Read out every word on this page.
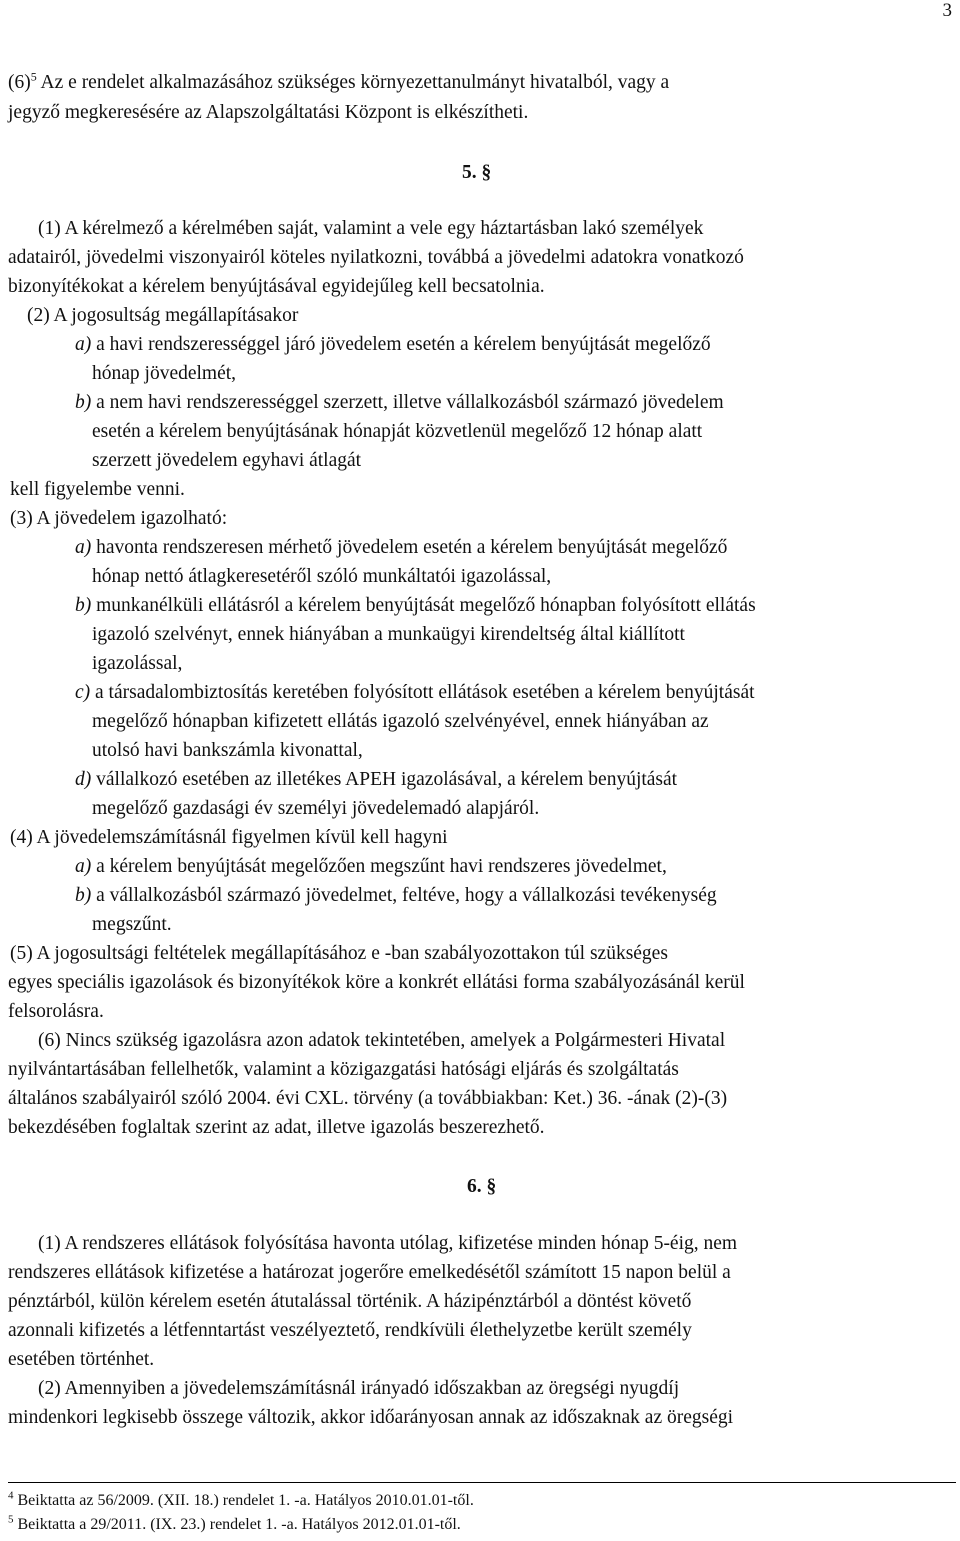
3
$(6)^5$ Az e rendelet alkalmazásához szükséges környezettanulmányt hivatalból, vagy a
jegyző megkeresésére az Alapszolgáltatási Központ is elkészítheti.
5. §
(1) A kérelmező a kérelmében saját, valamint a vele egy háztartásban lakó személyek
adatairól, jövedelmi viszonyairól köteles nyilatkozni, továbbá a jövedelmi adatokra vonatkozó
bizonyítékokat a kérelem benyújtásával egyidejűleg kell becsatolnia.
(2) A jogosultság megállapításakor
a) a havi rendszerességgel járó jövedelem esetén a kérelem benyújtását megelőző
hónap jövedelmét,
b) a nem havi rendszerességgel szerzett, illetve vállalkozásból származó jövedelem
esetén a kérelem benyújtásának hónapját közvetlenül megelőző 12 hónap alatt
szerzett jövedelem egyhavi átlagát
kell figyelembe venni.
(3) A jövedelem igazolható:
a) havonta rendszeresen mérhető jövedelem esetén a kérelem benyújtását megelőző
hónap nettó átlagkeresetéről szóló munkáltatói igazolással,
b) munkanélküli ellátásról a kérelem benyújtását megelőző hónapban folyósított ellátás
igazoló szelvényt, ennek hiányában a munkaügyi kirendeltség által kiállított
igazolással,
c) a társadalombiztosítás keretében folyósított ellátások esetében a kérelem benyújtását
megelőző hónapban kifizetett ellátás igazoló szelvényével, ennek hiányában az
utolsó havi bankszámla kivonattal,
d) vállalkozó esetében az illetékes APEH igazolásával, a kérelem benyújtását
megelőző gazdasági év személyi jövedelemadó alapjáról.
(4) A jövedelemszámításnál figyelmen kívül kell hagyni
a) a kérelem benyújtását megelőzően megszűnt havi rendszeres jövedelmet,
b) a vállalkozásból származó jövedelmet, feltéve, hogy a vállalkozási tevékenység
megszűnt.
(5) A jogosultsági feltételek megállapításához e -ban szabályozottakon túl szükséges
egyes speciális igazolások és bizonyítékok köre a konkrét ellátási forma szabályozásánál kerül
felsorolásra.
(6) Nincs szükség igazolásra azon adatok tekintetében, amelyek a Polgármesteri Hivatal
nyilvántartásában fellelhetők, valamint a közigazgatási hatósági eljárás és szolgáltatás
általános szabályairól szóló 2004. évi CXL. törvény (a továbbiakban: Ket.) 36. -ának (2)-(3)
bekezdésében foglaltak szerint az adat, illetve igazolás beszerezhető.
6. §
(1) A rendszeres ellátások folyósítása havonta utólag, kifizetése minden hónap 5-éig, nem
rendszeres ellátások kifizetése a határozat jogerőre emelkedésétől számított 15 napon belül a
pénztárból, külön kérelem esetén átutalással történik. A házipénztárból a döntést követő
azonnali kifizetés a létfenntartást veszélyeztető, rendkívüli élethelyzetbe került személy
esetében történhet.
(2) Amennyiben a jövedelemszámításnál irányadó időszakban az öregségi nyugdíj
mindenkori legkisebb összege változik, akkor időarányosan annak az időszaknak az öregségi
$^4$ Beiktatta az 56/2009. (XII. 18.) rendelet 1. -a. Hatályos 2010.01.01-től.
$^5$ Beiktatta a 29/2011. (IX. 23.) rendelet 1. -a. Hatályos 2012.01.01-től.
